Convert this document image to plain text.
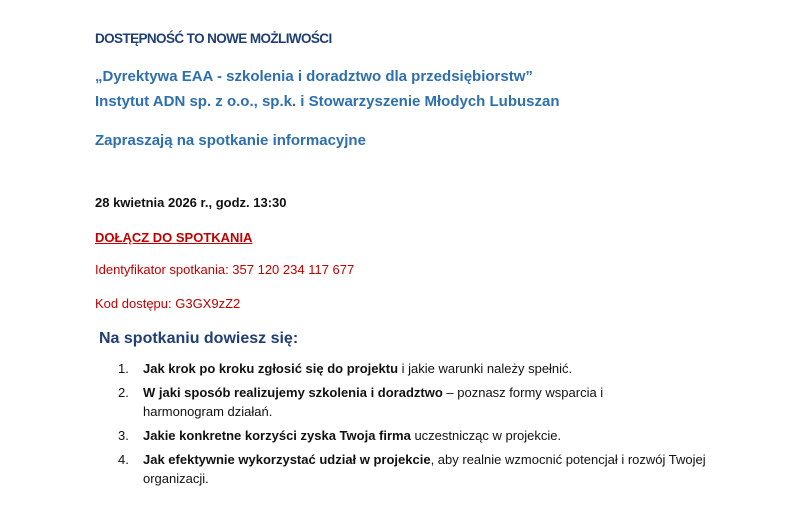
DOSTĘPNOŚĆ TO NOWE MOŻLIWOŚCI
„Dyrektywa EAA - szkolenia i doradztwo dla przedsiębiorstw”
Instytut ADN sp. z o.o., sp.k. i Stowarzyszenie Młodych Lubuszan
Zapraszają na spotkanie informacyjne
28 kwietnia 2026 r., godz. 13:30
DOŁĄCZ DO SPOTKANIA
Identyfikator spotkania: 357 120 234 117 677
Kod dostępu: G3GX9zZ2
Na spotkaniu dowiesz się:
1. Jak krok po kroku zgłosić się do projektu i jakie warunki należy spełnić.
2. W jaki sposób realizujemy szkolenia i doradztwo – poznasz formy wsparcia i harmonogram działań.
3. Jakie konkretne korzyści zyska Twoja firma uczestnicząc w projekcie.
4. Jak efektywnie wykorzystać udział w projekcie, aby realnie wzmocnić potencjał i rozwój Twojej organizacji.
